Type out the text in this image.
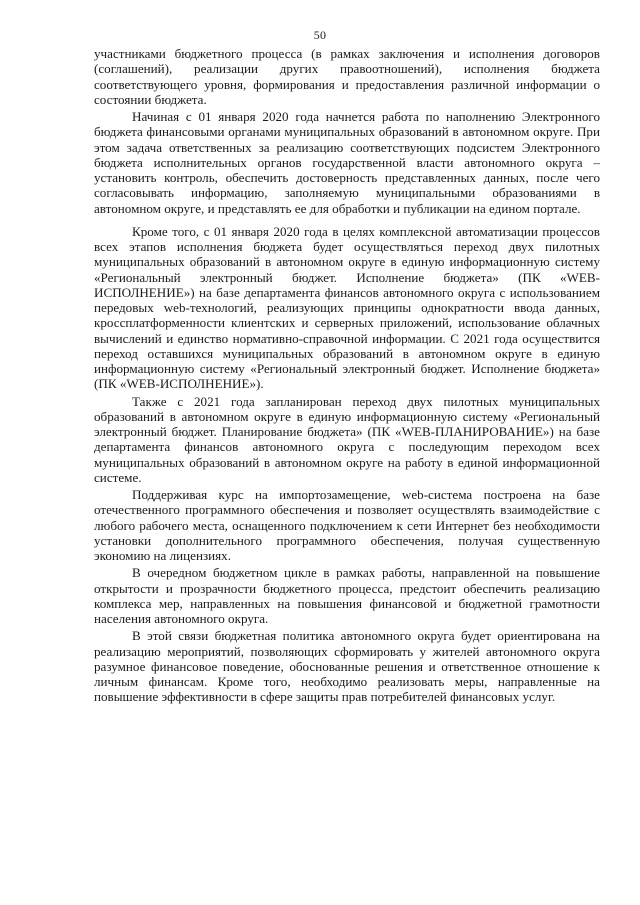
50

участниками бюджетного процесса (в рамках заключения и исполнения договоров (соглашений), реализации других правоотношений), исполнения бюджета соответствующего уровня, формирования и предоставления различной информации о состоянии бюджета.

Начиная с 01 января 2020 года начнется работа по наполнению Электронного бюджета финансовыми органами муниципальных образований в автономном округе. При этом задача ответственных за реализацию соответствующих подсистем Электронного бюджета исполнительных органов государственной власти автономного округа – установить контроль, обеспечить достоверность представленных данных, после чего согласовывать информацию, заполняемую муниципальными образованиями в автономном округе, и представлять ее для обработки и публикации на едином портале.

Кроме того, с 01 января 2020 года в целях комплексной автоматизации процессов всех этапов исполнения бюджета будет осуществляться переход двух пилотных муниципальных образований в автономном округе в единую информационную систему «Региональный электронный бюджет. Исполнение бюджета» (ПК «WEB-ИСПОЛНЕНИЕ») на базе департамента финансов автономного округа с использованием передовых web-технологий, реализующих принципы однократности ввода данных, кроссплатформенности клиентских и серверных приложений, использование облачных вычислений и единство нормативно-справочной информации. С 2021 года осуществится переход оставшихся муниципальных образований в автономном округе в единую информационную систему «Региональный электронный бюджет. Исполнение бюджета» (ПК «WEB-ИСПОЛНЕНИЕ»).

Также с 2021 года запланирован переход двух пилотных муниципальных образований в автономном округе в единую информационную систему «Региональный электронный бюджет. Планирование бюджета» (ПК «WEB-ПЛАНИРОВАНИЕ») на базе департамента финансов автономного округа с последующим переходом всех муниципальных образований в автономном округе на работу в единой информационной системе.

Поддерживая курс на импортозамещение, web-система построена на базе отечественного программного обеспечения и позволяет осуществлять взаимодействие с любого рабочего места, оснащенного подключением к сети Интернет без необходимости установки дополнительного программного обеспечения, получая существенную экономию на лицензиях.

В очередном бюджетном цикле в рамках работы, направленной на повышение открытости и прозрачности бюджетного процесса, предстоит обеспечить реализацию комплекса мер, направленных на повышения финансовой и бюджетной грамотности населения автономного округа.

В этой связи бюджетная политика автономного округа будет ориентирована на реализацию мероприятий, позволяющих сформировать у жителей автономного округа разумное финансовое поведение, обоснованные решения и ответственное отношение к личным финансам. Кроме того, необходимо реализовать меры, направленные на повышение эффективности в сфере защиты прав потребителей финансовых услуг.
